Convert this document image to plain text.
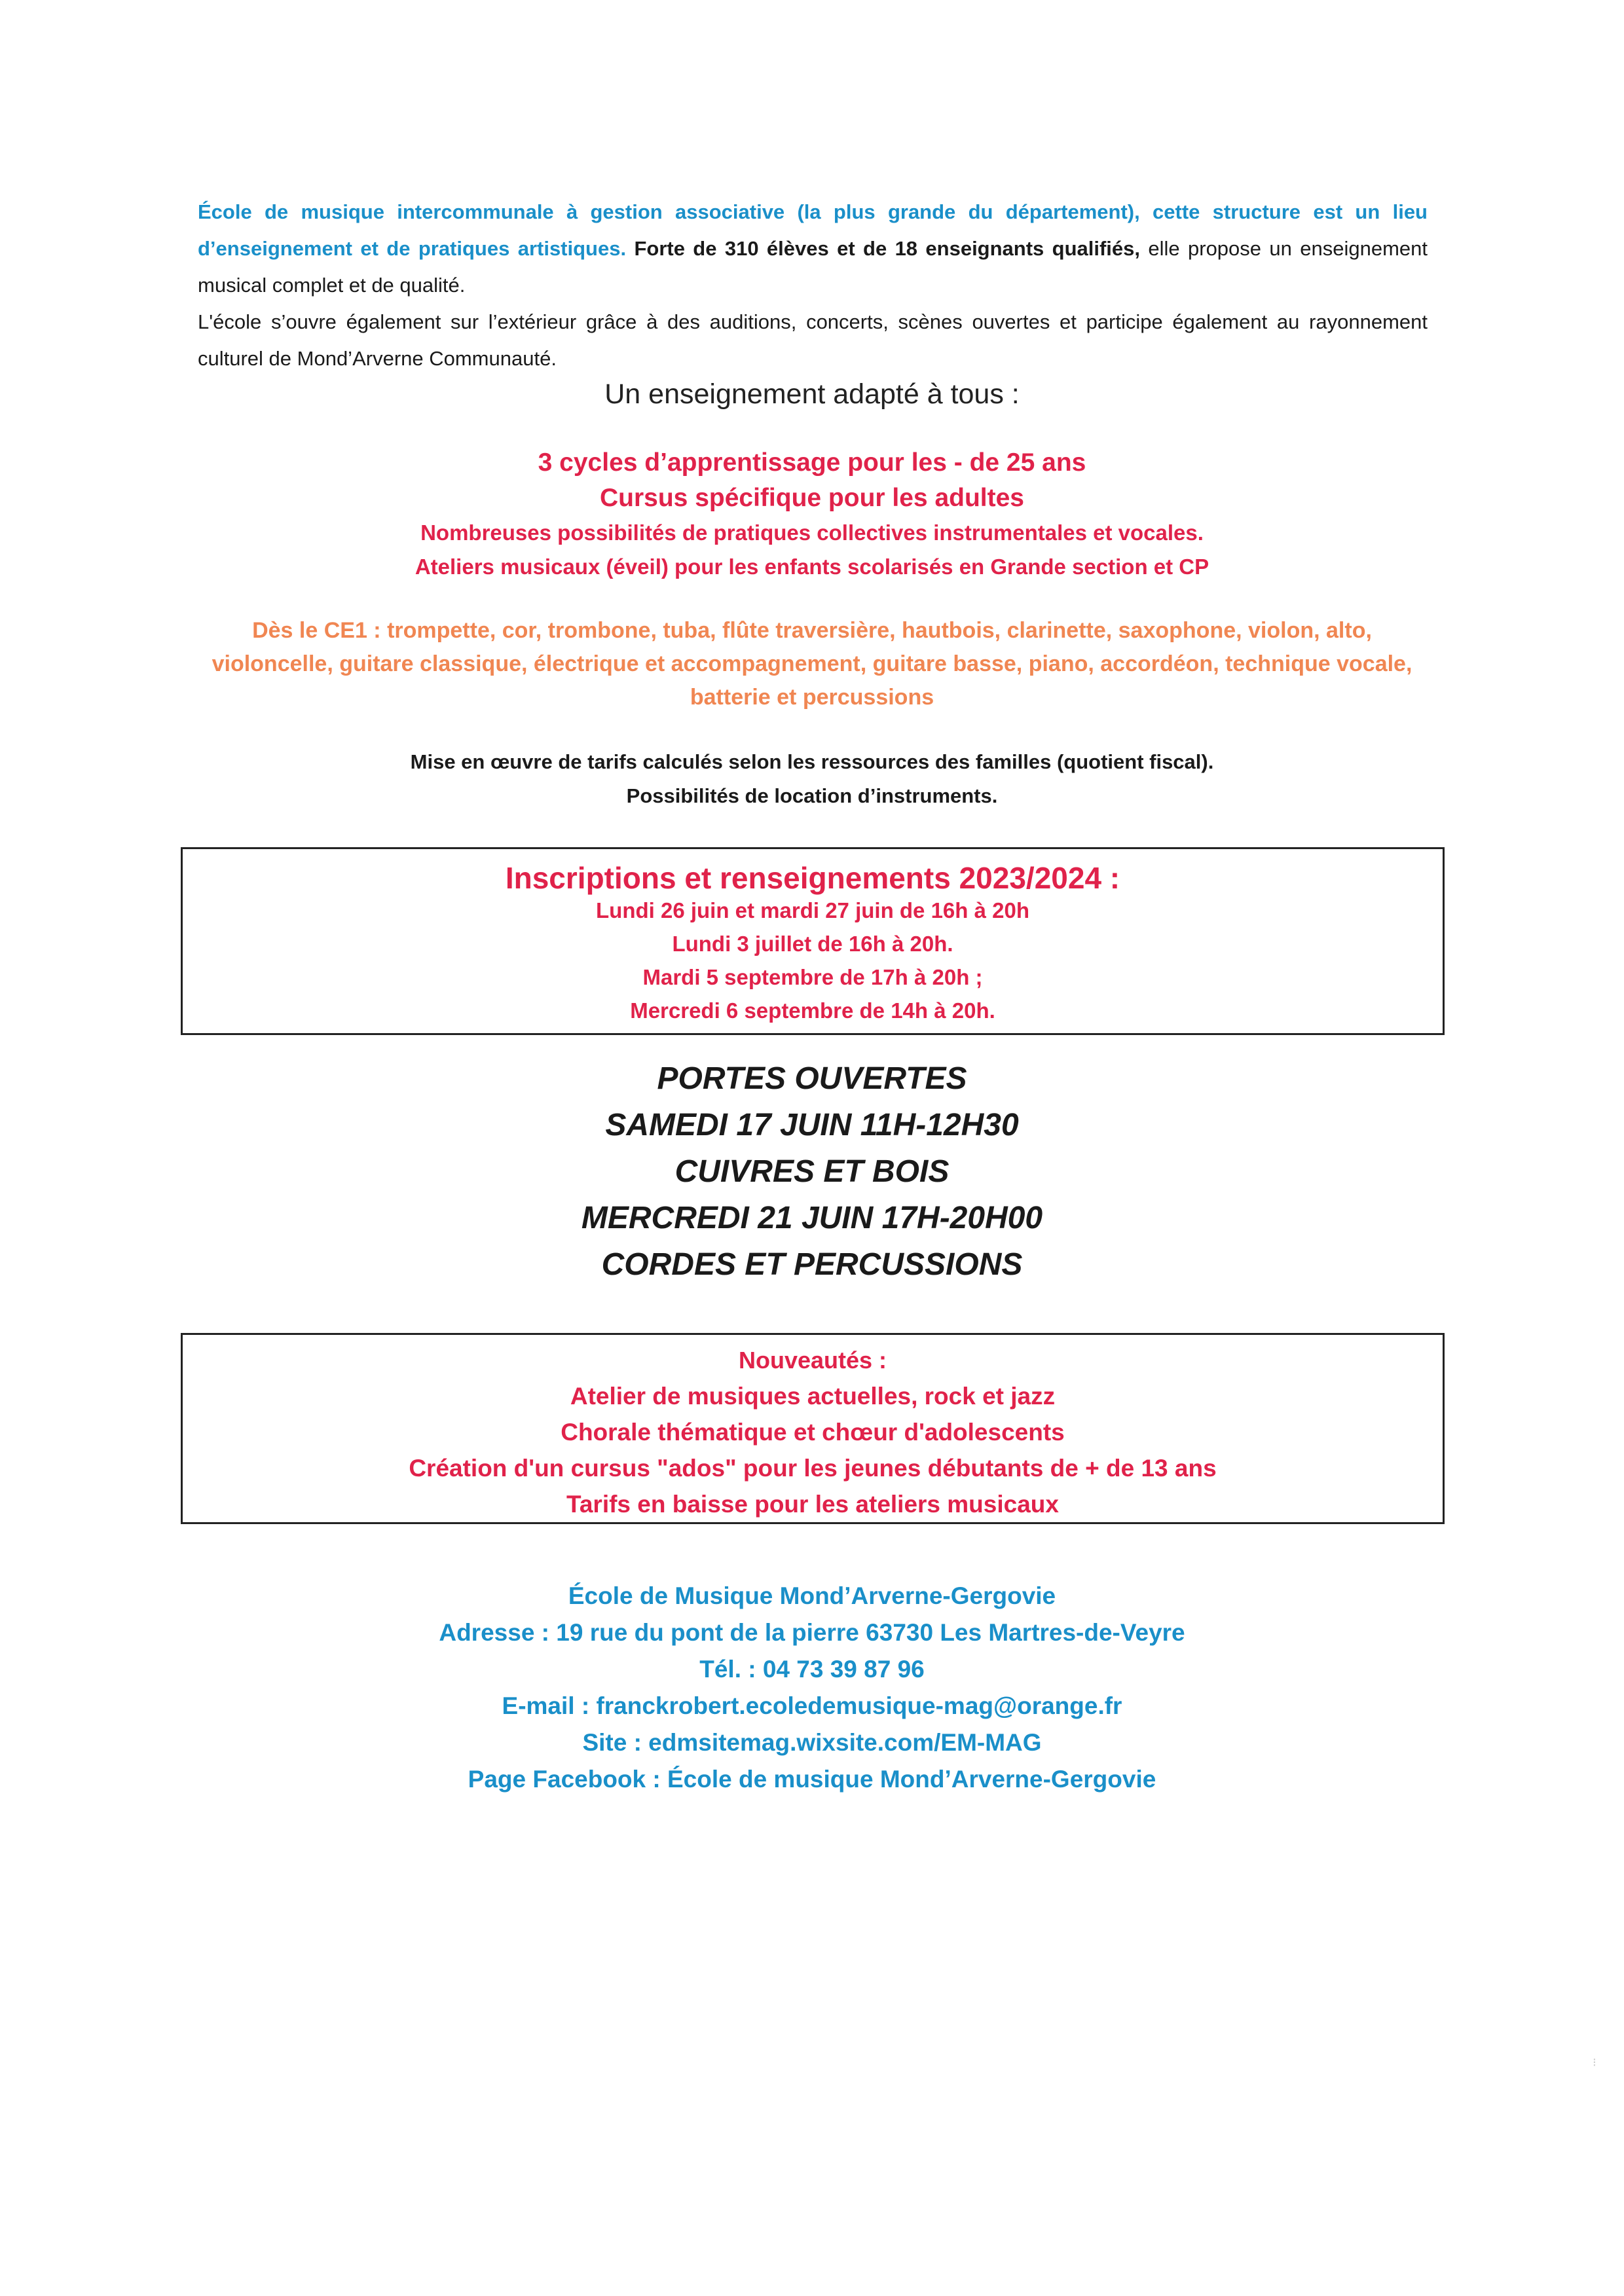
École de musique intercommunale à gestion associative (la plus grande du département), cette structure est un lieu d’enseignement et de pratiques artistiques. Forte de 310 élèves et de 18 enseignants qualifiés, elle propose un enseignement musical complet et de qualité.

L'école s’ouvre également sur l’extérieur grâce à des auditions, concerts, scènes ouvertes et participe également au rayonnement culturel de Mond’Arverne Communauté.

Un enseignement adapté à tous :
3 cycles d’apprentissage pour les - de 25 ans
Cursus spécifique pour les adultes
Nombreuses possibilités de pratiques collectives instrumentales et vocales.
Ateliers musicaux (éveil) pour les enfants scolarisés en Grande section et CP
Dès le CE1 : trompette, cor, trombone, tuba, flûte traversière, hautbois, clarinette, saxophone, violon, alto, violoncelle, guitare classique, électrique et accompagnement, guitare basse, piano, accordéon, technique vocale, batterie et percussions
Mise en œuvre de tarifs calculés selon les ressources des familles (quotient fiscal).
Possibilités de location d’instruments.
Inscriptions et renseignements 2023/2024 :
Lundi 26 juin et mardi 27 juin de 16h à 20h
Lundi 3 juillet de 16h à 20h.
Mardi 5 septembre de 17h à 20h ;
Mercredi 6 septembre de 14h à 20h.
PORTES OUVERTES
SAMEDI 17 JUIN 11H-12H30
CUIVRES ET BOIS
MERCREDI 21 JUIN 17H-20H00
CORDES ET PERCUSSIONS
Nouveautés :
Atelier de musiques actuelles, rock et jazz
Chorale thématique et chœur d'adolescents
Création d'un cursus "ados" pour les jeunes débutants de + de 13 ans
Tarifs en baisse pour les ateliers musicaux
École de Musique Mond’Arverne-Gergovie
Adresse : 19 rue du pont de la pierre 63730 Les Martres-de-Veyre
Tél. : 04 73 39 87 96
E-mail : franckrobert.ecoledemusique-mag@orange.fr
Site : edmsitemag.wixsite.com/EM-MAG
Page Facebook : École de musique Mond’Arverne-Gergovie
⁝
